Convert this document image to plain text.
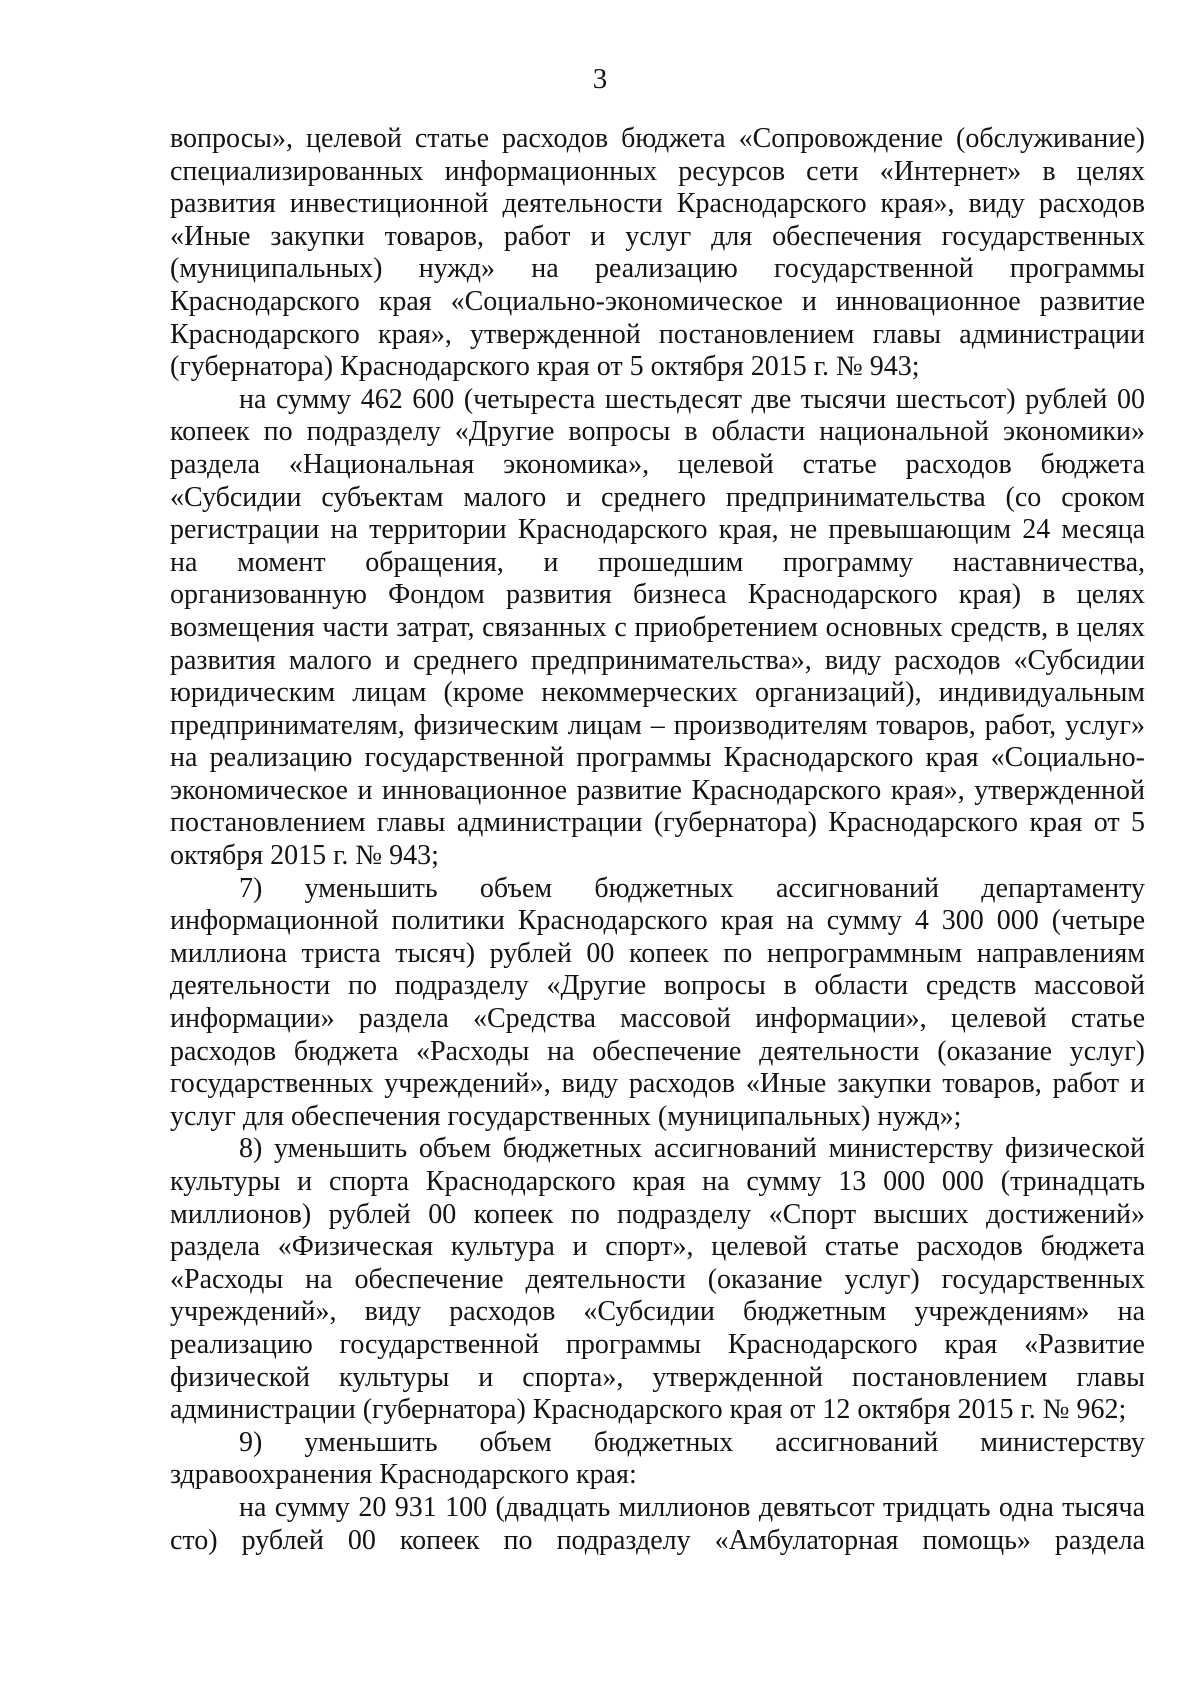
3

вопросы», целевой статье расходов бюджета «Сопровождение (обслуживание) специализированных информационных ресурсов сети «Интернет» в целях развития инвестиционной деятельности Краснодарского края», виду расходов «Иные закупки товаров, работ и услуг для обеспечения государственных (муниципальных) нужд» на реализацию государственной программы Краснодарского края «Социально-экономическое и инновационное развитие Краснодарского края», утвержденной постановлением главы администрации (губернатора) Краснодарского края от 5 октября 2015 г. № 943;

на сумму 462 600 (четыреста шестьдесят две тысячи шестьсот) рублей 00 копеек по подразделу «Другие вопросы в области национальной экономики» раздела «Национальная экономика», целевой статье расходов бюджета «Субсидии субъектам малого и среднего предпринимательства (со сроком регистрации на территории Краснодарского края, не превышающим 24 месяца на момент обращения, и прошедшим программу наставничества, организованную Фондом развития бизнеса Краснодарского края) в целях возмещения части затрат, связанных с приобретением основных средств, в целях развития малого и среднего предпринимательства», виду расходов «Субсидии юридическим лицам (кроме некоммерческих организаций), индивидуальным предпринимателям, физическим лицам – производителям товаров, работ, услуг» на реализацию государственной программы Краснодарского края «Социально-экономическое и инновационное развитие Краснодарского края», утвержденной постановлением главы администрации (губернатора) Краснодарского края от 5 октября 2015 г. № 943;

7) уменьшить объем бюджетных ассигнований департаменту информационной политики Краснодарского края на сумму 4 300 000 (четыре миллиона триста тысяч) рублей 00 копеек по непрограммным направлениям деятельности по подразделу «Другие вопросы в области средств массовой информации» раздела «Средства массовой информации», целевой статье расходов бюджета «Расходы на обеспечение деятельности (оказание услуг) государственных учреждений», виду расходов «Иные закупки товаров, работ и услуг для обеспечения государственных (муниципальных) нужд»;

8) уменьшить объем бюджетных ассигнований министерству физической культуры и спорта Краснодарского края на сумму 13 000 000 (тринадцать миллионов) рублей 00 копеек по подразделу «Спорт высших достижений» раздела «Физическая культура и спорт», целевой статье расходов бюджета «Расходы на обеспечение деятельности (оказание услуг) государственных учреждений», виду расходов «Субсидии бюджетным учреждениям» на реализацию государственной программы Краснодарского края «Развитие физической культуры и спорта», утвержденной постановлением главы администрации (губернатора) Краснодарского края от 12 октября 2015 г. № 962;

9) уменьшить объем бюджетных ассигнований министерству здравоохранения Краснодарского края:

на сумму 20 931 100 (двадцать миллионов девятьсот тридцать одна тысяча сто) рублей 00 копеек по подразделу «Амбулаторная помощь» раздела
